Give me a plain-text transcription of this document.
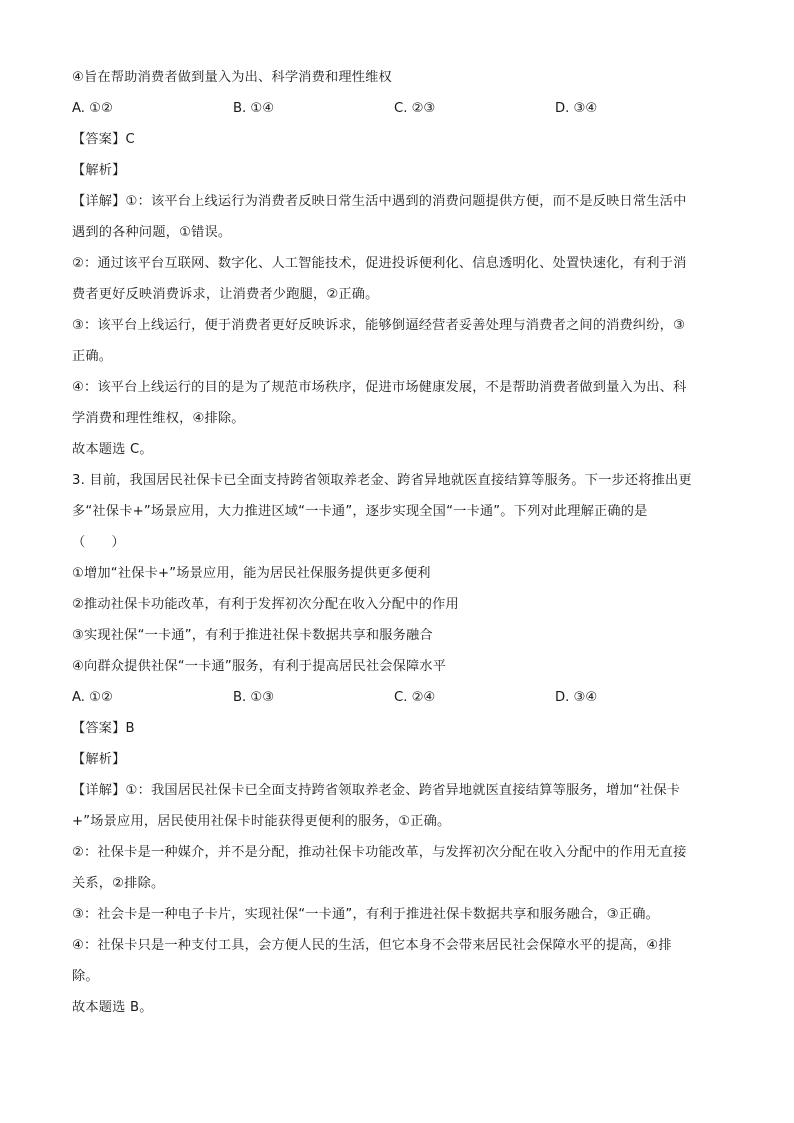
④旨在帮助消费者做到量入为出、科学消费和理性维权
A. ①②	B. ①④	C. ②③	D. ③④
【答案】C
【解析】
【详解】①：该平台上线运行为消费者反映日常生活中遇到的消费问题提供方便，而不是反映日常生活中
遇到的各种问题，①错误。
②：通过该平台互联网、数字化、人工智能技术，促进投诉便利化、信息透明化、处置快速化，有利于消
费者更好反映消费诉求，让消费者少跑腿，②正确。
③：该平台上线运行，便于消费者更好反映诉求，能够倒逼经营者妥善处理与消费者之间的消费纠纷，③
正确。
④：该平台上线运行的目的是为了规范市场秩序，促进市场健康发展，不是帮助消费者做到量入为出、科
学消费和理性维权，④排除。
故本题选 C。
3. 目前，我国居民社保卡已全面支持跨省领取养老金、跨省异地就医直接结算等服务。下一步还将推出更
多“社保卡+”场景应用，大力推进区域“一卡通”，逐步实现全国“一卡通”。下列对此理解正确的是
（　　）
①增加“社保卡+”场景应用，能为居民社保服务提供更多便利
②推动社保卡功能改革，有利于发挥初次分配在收入分配中的作用
③实现社保“一卡通”，有利于推进社保卡数据共享和服务融合
④向群众提供社保“一卡通”服务，有利于提高居民社会保障水平
A. ①②	B. ①③	C. ②④	D. ③④
【答案】B
【解析】
【详解】①：我国居民社保卡已全面支持跨省领取养老金、跨省异地就医直接结算等服务，增加“社保卡
+”场景应用，居民使用社保卡时能获得更便利的服务，①正确。
②：社保卡是一种媒介，并不是分配，推动社保卡功能改革，与发挥初次分配在收入分配中的作用无直接
关系，②排除。
③：社会卡是一种电子卡片，实现社保“一卡通”，有利于推进社保卡数据共享和服务融合，③正确。
④：社保卡只是一种支付工具，会方便人民的生活，但它本身不会带来居民社会保障水平的提高，④排
除。
故本题选 B。
